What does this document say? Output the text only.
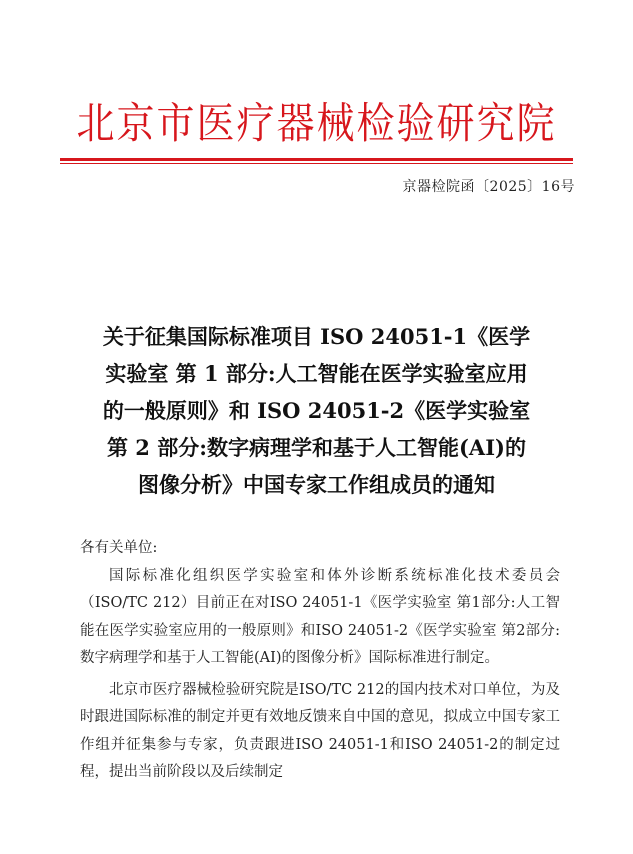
北京市医疗器械检验研究院
京器检院函〔2025〕16号
关于征集国际标准项目 ISO 24051-1《医学
实验室 第 1 部分:人工智能在医学实验室应用
的一般原则》和 ISO 24051-2《医学实验室
第 2 部分:数字病理学和基于人工智能(AI)的
图像分析》中国专家工作组成员的通知

各有关单位:

国际标准化组织医学实验室和体外诊断系统标准化技术委员会（ISO/TC 212）目前正在对ISO 24051-1《医学实验室 第1部分:人工智能在医学实验室应用的一般原则》和ISO 24051-2《医学实验室 第2部分:数字病理学和基于人工智能(AI)的图像分析》国际标准进行制定。

北京市医疗器械检验研究院是ISO/TC 212的国内技术对口单位，为及时跟进国际标准的制定并更有效地反馈来自中国的意见，拟成立中国专家工作组并征集参与专家，负责跟进ISO 24051-1和ISO 24051-2的制定过程，提出当前阶段以及后续制定
